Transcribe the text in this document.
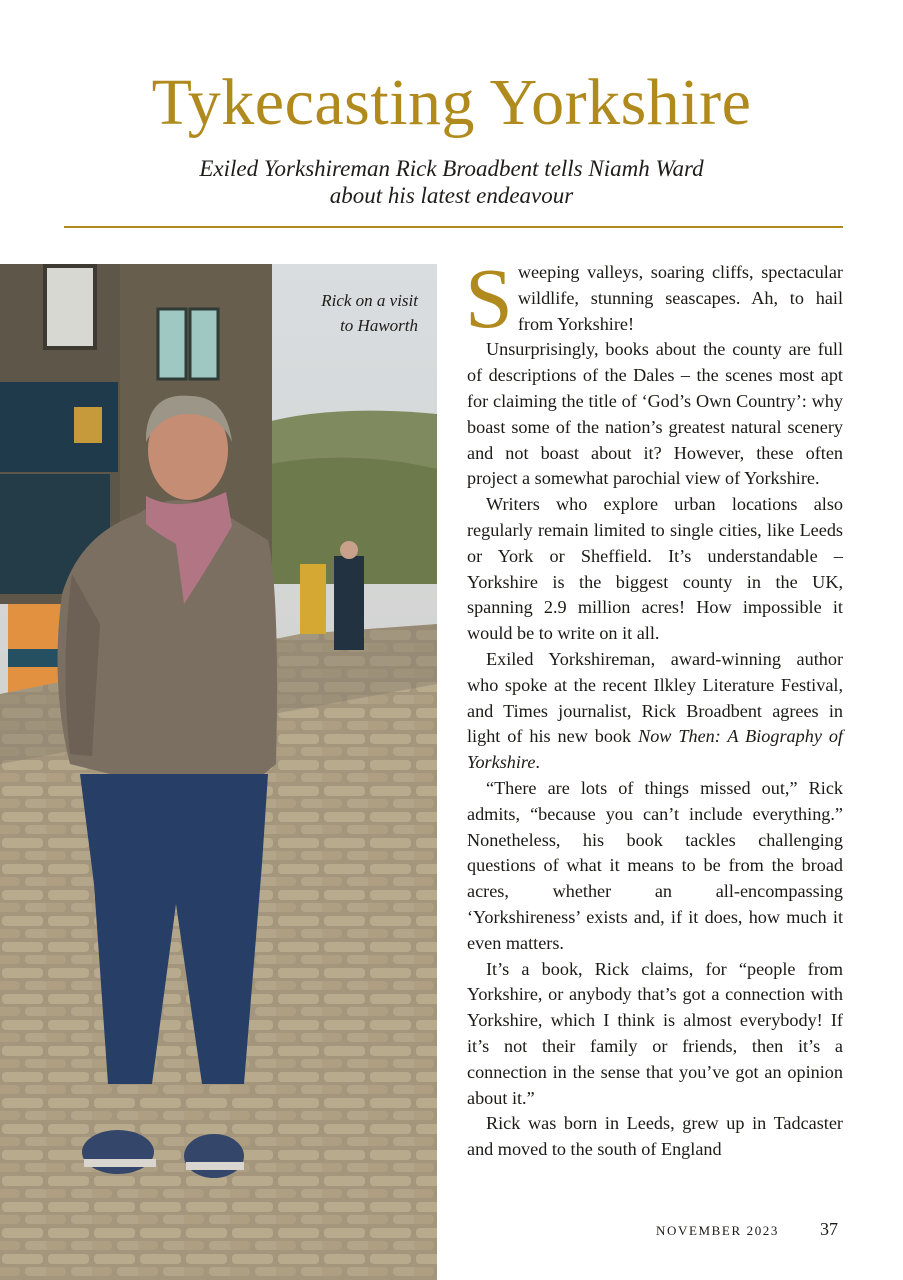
Tykecasting Yorkshire

Exiled Yorkshireman Rick Broadbent tells Niamh Ward
about his latest endeavour

Rick on a visit
to Haworth Sweeping valleys, soaring cliffs, spectacular wildlife, stunning seascapes. Ah, to hail from Yorkshire!

Unsurprisingly, books about the county are full of descriptions of the Dales – the scenes most apt for claiming the title of ‘God’s Own Country’: why boast some of the nation’s greatest natural scenery and not boast about it? However, these often project a somewhat parochial view of Yorkshire.

Writers who explore urban locations also regularly remain limited to single cities, like Leeds or York or Sheffield. It’s understandable – Yorkshire is the biggest county in the UK, spanning 2.9 million acres! How impossible it would be to write on it all.

Exiled Yorkshireman, award-winning author who spoke at the recent Ilkley Literature Festival, and Times journalist, Rick Broadbent agrees in light of his new book Now Then: A Biography of Yorkshire.

“There are lots of things missed out,” Rick admits, “because you can’t include everything.” Nonetheless, his book tackles challenging questions of what it means to be from the broad acres, whether an all-encompassing ‘Yorkshireness’ exists and, if it does, how much it even matters.

It’s a book, Rick claims, for “people from Yorkshire, or anybody that’s got a connection with Yorkshire, which I think is almost everybody! If it’s not their family or friends, then it’s a connection in the sense that you’ve got an opinion about it.”

Rick was born in Leeds, grew up in Tadcaster and moved to the south of England

NOVEMBER 2023 37
